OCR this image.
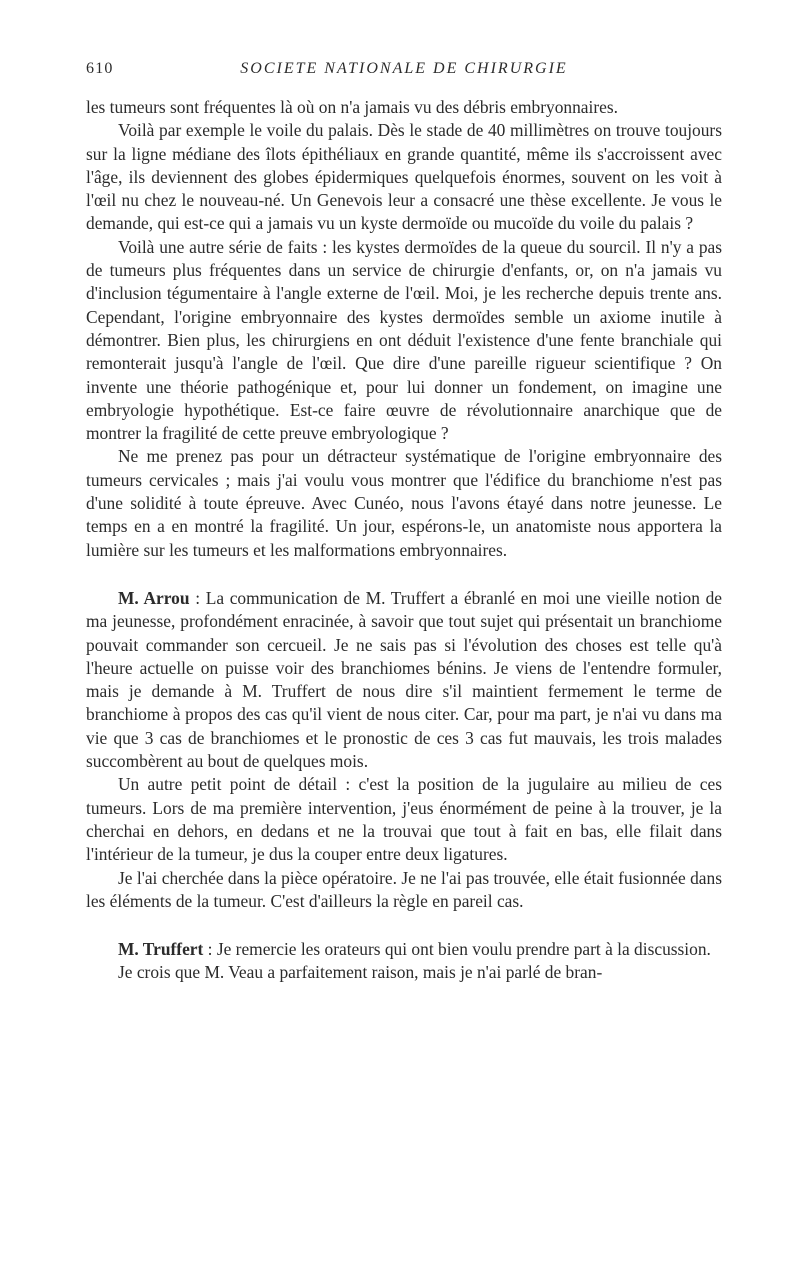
610	SOCIETE NATIONALE DE CHIRURGIE

les tumeurs sont fréquentes là où on n'a jamais vu des débris embryonnaires.

Voilà par exemple le voile du palais. Dès le stade de 40 millimètres on trouve toujours sur la ligne médiane des îlots épithéliaux en grande quantité, même ils s'accroissent avec l'âge, ils deviennent des globes épidermiques quelquefois énormes, souvent on les voit à l'œil nu chez le nouveau-né. Un Genevois leur a consacré une thèse excellente. Je vous le demande, qui est-ce qui a jamais vu un kyste dermoïde ou mucoïde du voile du palais ?

Voilà une autre série de faits : les kystes dermoïdes de la queue du sourcil. Il n'y a pas de tumeurs plus fréquentes dans un service de chirurgie d'enfants, or, on n'a jamais vu d'inclusion tégumentaire à l'angle externe de l'œil. Moi, je les recherche depuis trente ans. Cependant, l'origine embryonnaire des kystes dermoïdes semble un axiome inutile à démontrer. Bien plus, les chirurgiens en ont déduit l'existence d'une fente branchiale qui remonterait jusqu'à l'angle de l'œil. Que dire d'une pareille rigueur scientifique ? On invente une théorie pathogénique et, pour lui donner un fondement, on imagine une embryologie hypothétique. Est-ce faire œuvre de révolutionnaire anarchique que de montrer la fragilité de cette preuve embryologique ?

Ne me prenez pas pour un détracteur systématique de l'origine embryonnaire des tumeurs cervicales ; mais j'ai voulu vous montrer que l'édifice du branchiome n'est pas d'une solidité à toute épreuve. Avec Cunéo, nous l'avons étayé dans notre jeunesse. Le temps en a en montré la fragilité. Un jour, espérons-le, un anatomiste nous apportera la lumière sur les tumeurs et les malformations embryonnaires.

M. Arrou : La communication de M. Truffert a ébranlé en moi une vieille notion de ma jeunesse, profondément enracinée, à savoir que tout sujet qui présentait un branchiome pouvait commander son cercueil. Je ne sais pas si l'évolution des choses est telle qu'à l'heure actuelle on puisse voir des branchiomes bénins. Je viens de l'entendre formuler, mais je demande à M. Truffert de nous dire s'il maintient fermement le terme de branchiome à propos des cas qu'il vient de nous citer. Car, pour ma part, je n'ai vu dans ma vie que 3 cas de branchiomes et le pronostic de ces 3 cas fut mauvais, les trois malades succombèrent au bout de quelques mois.

Un autre petit point de détail : c'est la position de la jugulaire au milieu de ces tumeurs. Lors de ma première intervention, j'eus énormément de peine à la trouver, je la cherchai en dehors, en dedans et ne la trouvai que tout à fait en bas, elle filait dans l'intérieur de la tumeur, je dus la couper entre deux ligatures.

Je l'ai cherchée dans la pièce opératoire. Je ne l'ai pas trouvée, elle était fusionnée dans les éléments de la tumeur. C'est d'ailleurs la règle en pareil cas.

M. Truffert : Je remercie les orateurs qui ont bien voulu prendre part à la discussion.

Je crois que M. Veau a parfaitement raison, mais je n'ai parlé de bran-
